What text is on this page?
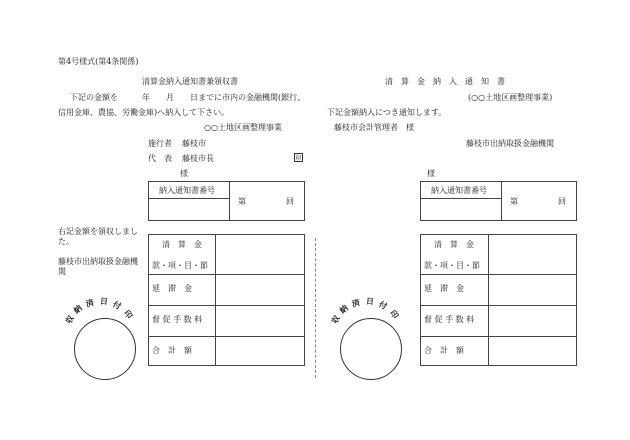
第4号様式(第4条関係)
清算金納入通知書兼領収書
下記の金額を　　　年　　月　　日までに市内の金融機関(銀行、
信用金庫、農協、労働金庫)へ納入して下さい。
○○土地区画整理事業
施行者 藤枝市
代　表 藤枝市長	印
様
納入通知書番号
第	回
右記金額を領収しまし
た。
藤枝市出納取扱金融機
関
清　算　金
款・項・目・節
延　滞　金
督 促 手 数 料
合　計　額
収
納 済 日 付
印
清　算　金　納　入　通　知　書
(○○土地区画整理事業)
下記金額納入につき通知します。
藤枝市会計管理者　様
藤枝市出納取扱金融機関
様
納入通知書番号
第	回
清　算　金
款・項・目・節
延　滞　金
督 促 手 数 料
合　計　額
収
納 済 日 付
印
